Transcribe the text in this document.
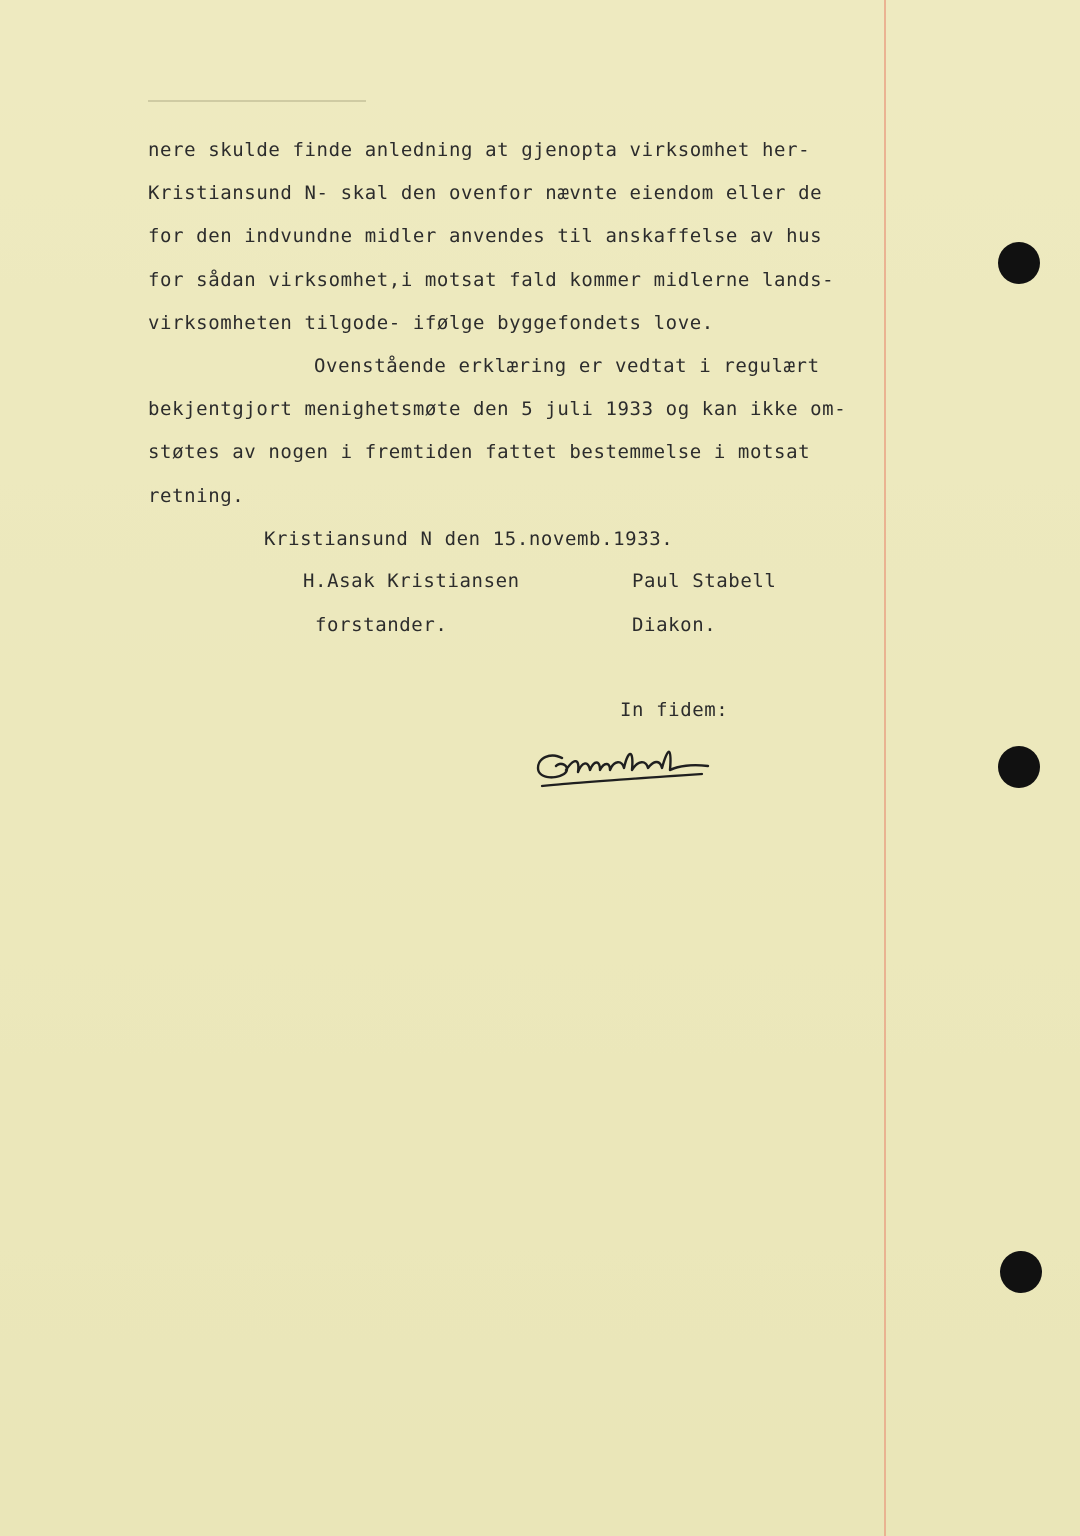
nere skulde finde anledning at gjenopta virksomhet her-
Kristiansund N- skal den ovenfor nævnte eiendom eller de
for den indvundne midler anvendes til anskaffelse av hus
for sådan virksomhet,i motsat fald kommer midlerne lands-
virksomheten tilgode- ifølge byggefondets love.
Ovenstående erklæring er vedtat i regulært
bekjentgjort menighetsmøte den 5 juli 1933 og kan ikke om-
støtes av nogen i fremtiden fattet bestemmelse i motsat
retning.
Kristiansund N den 15.novemb.1933.
H.Asak Kristiansen	Paul Stabell
forstander.	Diakon.
In fidem:
